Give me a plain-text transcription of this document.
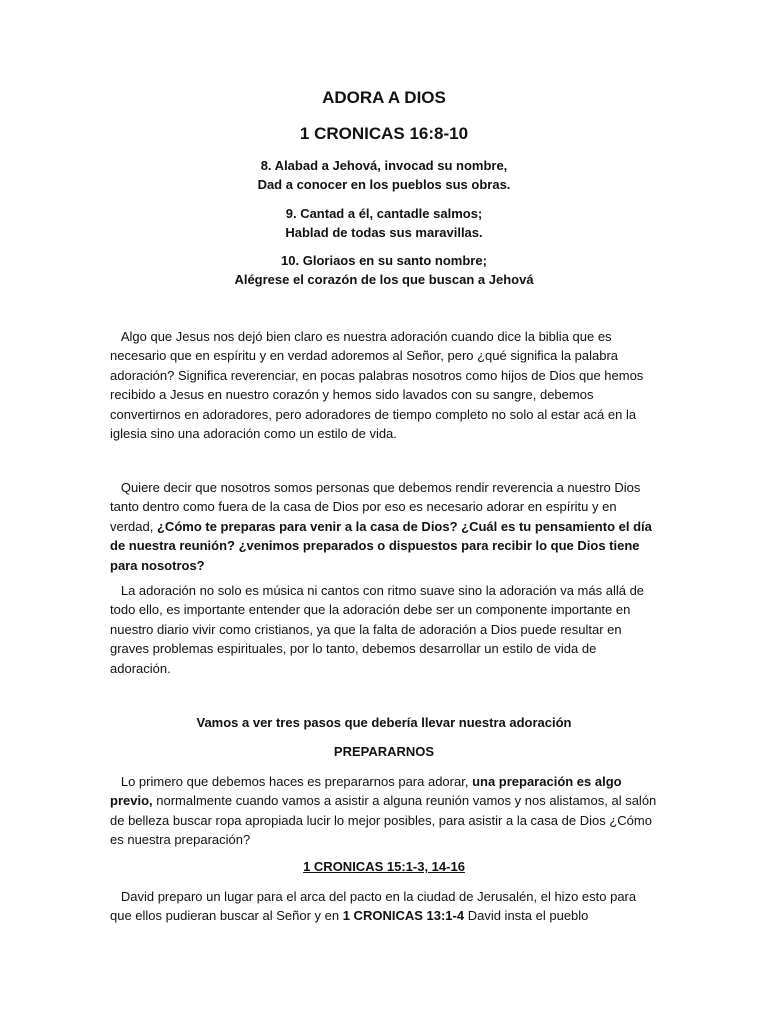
ADORA A DIOS
1 CRONICAS 16:8-10
8. Alabad a Jehová, invocad su nombre,
Dad a conocer en los pueblos sus obras.
9. Cantad a él, cantadle salmos;
Hablad de todas sus maravillas.
10. Gloriaos en su santo nombre;
Alégrese el corazón de los que buscan a Jehová

Algo que Jesus nos dejó bien claro es nuestra adoración cuando dice la biblia que es necesario que en espíritu y en verdad adoremos al Señor, pero ¿qué significa la palabra adoración? Significa reverenciar, en pocas palabras nosotros como hijos de Dios que hemos recibido a Jesus en nuestro corazón y hemos sido lavados con su sangre, debemos convertirnos en adoradores, pero adoradores de tiempo completo no solo al estar acá en la iglesia sino una adoración como un estilo de vida.

Quiere decir que nosotros somos personas que debemos rendir reverencia a nuestro Dios tanto dentro como fuera de la casa de Dios por eso es necesario adorar en espíritu y en verdad, ¿Cómo te preparas para venir a la casa de Dios? ¿Cuál es tu pensamiento el día de nuestra reunión? ¿venimos preparados o dispuestos para recibir lo que Dios tiene para nosotros?

La adoración no solo es música ni cantos con ritmo suave sino la adoración va más allá de todo ello, es importante entender que la adoración debe ser un componente importante en nuestro diario vivir como cristianos, ya que la falta de adoración a Dios puede resultar en graves problemas espirituales, por lo tanto, debemos desarrollar un estilo de vida de adoración.

Vamos a ver tres pasos que debería llevar nuestra adoración
PREPARARNOS

Lo primero que debemos haces es prepararnos para adorar, una preparación es algo previo, normalmente cuando vamos a asistir a alguna reunión vamos y nos alistamos, al salón de belleza buscar ropa apropiada lucir lo mejor posibles, para asistir a la casa de Dios ¿Cómo es nuestra preparación?

1 CRONICAS 15:1-3, 14-16

David preparo un lugar para el arca del pacto en la ciudad de Jerusalén, el hizo esto para que ellos pudieran buscar al Señor y en 1 CRONICAS 13:1-4 David insta el pueblo
